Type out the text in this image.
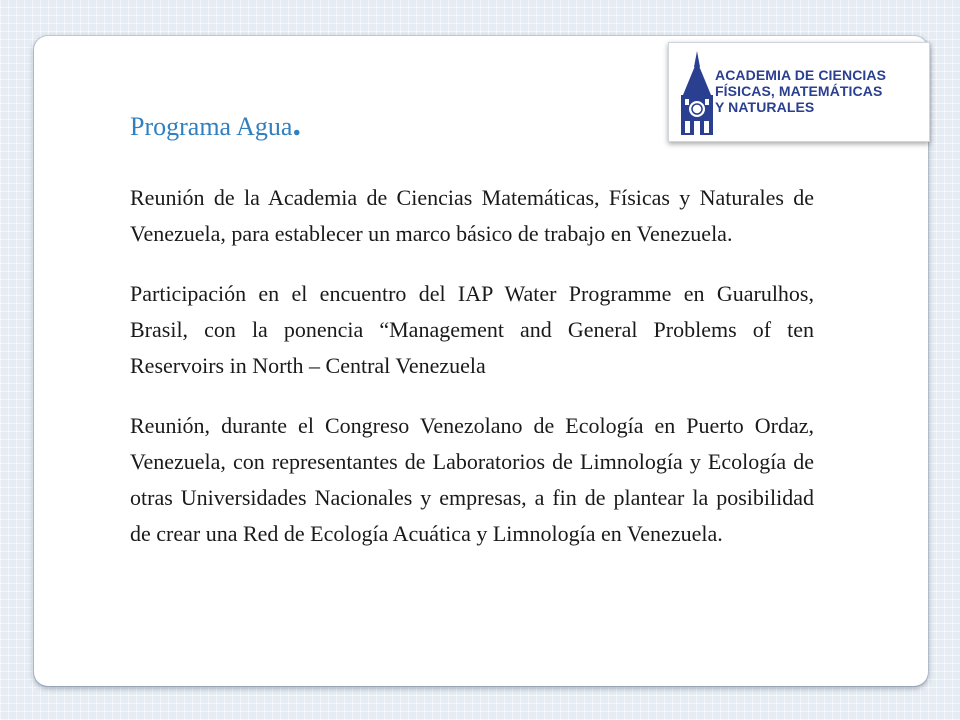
ACADEMIA DE CIENCIAS
FÍSICAS, MATEMÁTICAS
Y NATURALES
Programa Agua.

Reunión de la Academia de Ciencias Matemáticas, Físicas y Naturales de Venezuela, para establecer un marco básico de trabajo en Venezuela.

Participación en el encuentro del IAP Water Programme en Guarulhos, Brasil, con la ponencia “Management and General Problems of ten Reservoirs in North – Central Venezuela

Reunión, durante el Congreso Venezolano de Ecología en Puerto Ordaz, Venezuela, con representantes de Laboratorios de Limnología y Ecología de otras Universidades Nacionales y empresas, a fin de plantear la posibilidad de crear una Red de Ecología Acuática y Limnología en Venezuela.
